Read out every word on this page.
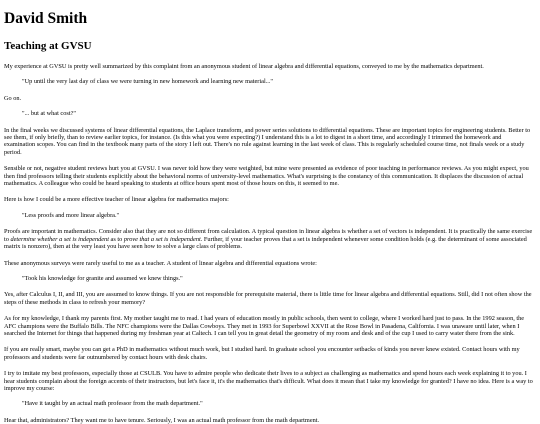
David Smith
Teaching at GVSU
My experience at GVSU is pretty well summarized by this complaint from an anonymous student of linear algebra and differential equations, conveyed to me by the mathematics department.
"Up until the very last day of class we were turning in new homework and learning new material..."
Go on.
"... but at what cost?"
In the final weeks we discussed systems of linear differential equations, the Laplace transform, and power series solutions to differential equations. These are important topics for engineering students. Better to see them, if only briefly, than to review earlier topics, for instance. (Is this what you were expecting?) I understand this is a lot to digest in a short time, and accordingly I trimmed the homework and examination scopes. You can find in the textbook many parts of the story I left out. There's no rule against learning in the last week of class. This is regularly scheduled course time, not finals week or a study period.
Sensible or not, negative student reviews hurt you at GVSU. I was never told how they were weighted, but mine were presented as evidence of poor teaching in performance reviews. As you might expect, you then find professors telling their students explicitly about the behavioral norms of university-level mathematics. What's surprising is the constancy of this communication. It displaces the discussion of actual mathematics. A colleague who could be heard speaking to students at office hours spent most of those hours on this, it seemed to me.
Here is how I could be a more effective teacher of linear algebra for mathematics majors:
"Less proofs and more linear algebra."
Proofs are important in mathematics. Consider also that they are not so different from calculation. A typical question in linear algebra is whether a set of vectors is independent. It is practically the same exercise to determine whether a set is independent as to prove that a set is independent. Further, if your teacher proves that a set is independent whenever some condition holds (e.g. the determinant of some associated matrix is nonzero), then at the very least you have seen how to solve a large class of problems.
These anonymous surveys were rarely useful to me as a teacher. A student of linear algebra and differential equations wrote:
"Took his knowledge for granite and assumed we knew things."
Yes, after Calculus I, II, and III, you are assumed to know things. If you are not responsible for prerequisite material, there is little time for linear algebra and differential equations. Still, did I not often show the steps of these methods in class to refresh your memory?
As for my knowledge, I thank my parents first. My mother taught me to read. I had years of education mostly in public schools, then went to college, where I worked hard just to pass. In the 1992 season, the AFC champions were the Buffalo Bills. The NFC champions were the Dallas Cowboys. They met in 1993 for Superbowl XXVII at the Rose Bowl in Pasadena, California. I was unaware until later, when I searched the Internet for things that happened during my freshman year at Caltech. I can tell you in great detail the geometry of my room and desk and of the cup I used to carry water there from the sink.
If you are really smart, maybe you can get a PhD in mathematics without much work, but I studied hard. In graduate school you encounter setbacks of kinds you never knew existed. Contact hours with my professors and students were far outnumbered by contact hours with desk chairs.
I try to imitate my best professors, especially those at CSULB. You have to admire people who dedicate their lives to a subject as challenging as mathematics and spend hours each week explaining it to you. I hear students complain about the foreign accents of their instructors, but let's face it, it's the mathematics that's difficult. What does it mean that I take my knowledge for granted? I have no idea. Here is a way to improve my course:
"Have it taught by an actual math professor from the math department."
Hear that, administrators? They want me to have tenure. Seriously, I was an actual math professor from the math department.
